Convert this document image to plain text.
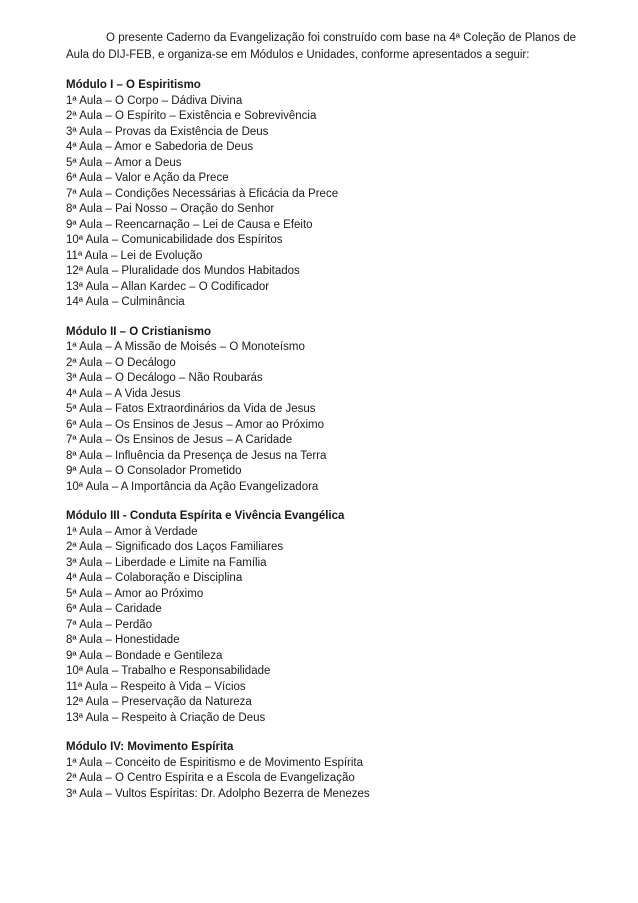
O presente Caderno da Evangelização foi construído com base na 4ª Coleção de Planos de Aula do DIJ-FEB, e organiza-se em Módulos e Unidades, conforme apresentados a seguir:

Módulo I – O Espiritismo

1ª Aula – O Corpo – Dádiva Divina

2ª Aula – O Espírito – Existência e Sobrevivência

3ª Aula – Provas da Existência de Deus

4ª Aula – Amor e Sabedoria de Deus

5ª Aula – Amor a Deus

6ª Aula – Valor e Ação da Prece

7ª Aula – Condições Necessárias à Eficácia da Prece

8ª Aula – Pai Nosso – Oração do Senhor

9ª Aula – Reencarnação – Lei de Causa e Efeito

10ª Aula – Comunicabilidade dos Espíritos

11ª Aula – Lei de Evolução

12ª Aula – Pluralidade dos Mundos Habitados

13ª Aula – Allan Kardec – O Codificador

14ª Aula – Culminância

Módulo II – O Cristianismo

1ª Aula – A Missão de Moisés – O Monoteísmo

2ª Aula – O Decálogo

3ª Aula – O Decálogo – Não Roubarás

4ª Aula – A Vida Jesus

5ª Aula – Fatos Extraordinários da Vida de Jesus

6ª Aula – Os Ensinos de Jesus – Amor ao Próximo

7ª Aula – Os Ensinos de Jesus – A Caridade

8ª Aula – Influência da Presença de Jesus na Terra

9ª Aula – O Consolador Prometido

10ª Aula – A Importância da Ação Evangelizadora

Módulo III - Conduta Espírita e Vivência Evangélica

1ª Aula – Amor à Verdade

2ª Aula – Significado dos Laços Familiares

3ª Aula – Liberdade e Limite na Família

4ª Aula – Colaboração e Disciplina

5ª Aula – Amor ao Próximo

6ª Aula – Caridade

7ª Aula – Perdão

8ª Aula – Honestidade

9ª Aula – Bondade e Gentileza

10ª Aula – Trabalho e Responsabilidade

11ª Aula – Respeito à Vida – Vícios

12ª Aula – Preservação da Natureza

13ª Aula – Respeito à Criação de Deus

Módulo IV: Movimento Espírita

1ª Aula – Conceito de Espiritismo e de Movimento Espírita

2ª Aula – O Centro Espírita e a Escola de Evangelização

3ª Aula – Vultos Espíritas: Dr. Adolpho Bezerra de Menezes
